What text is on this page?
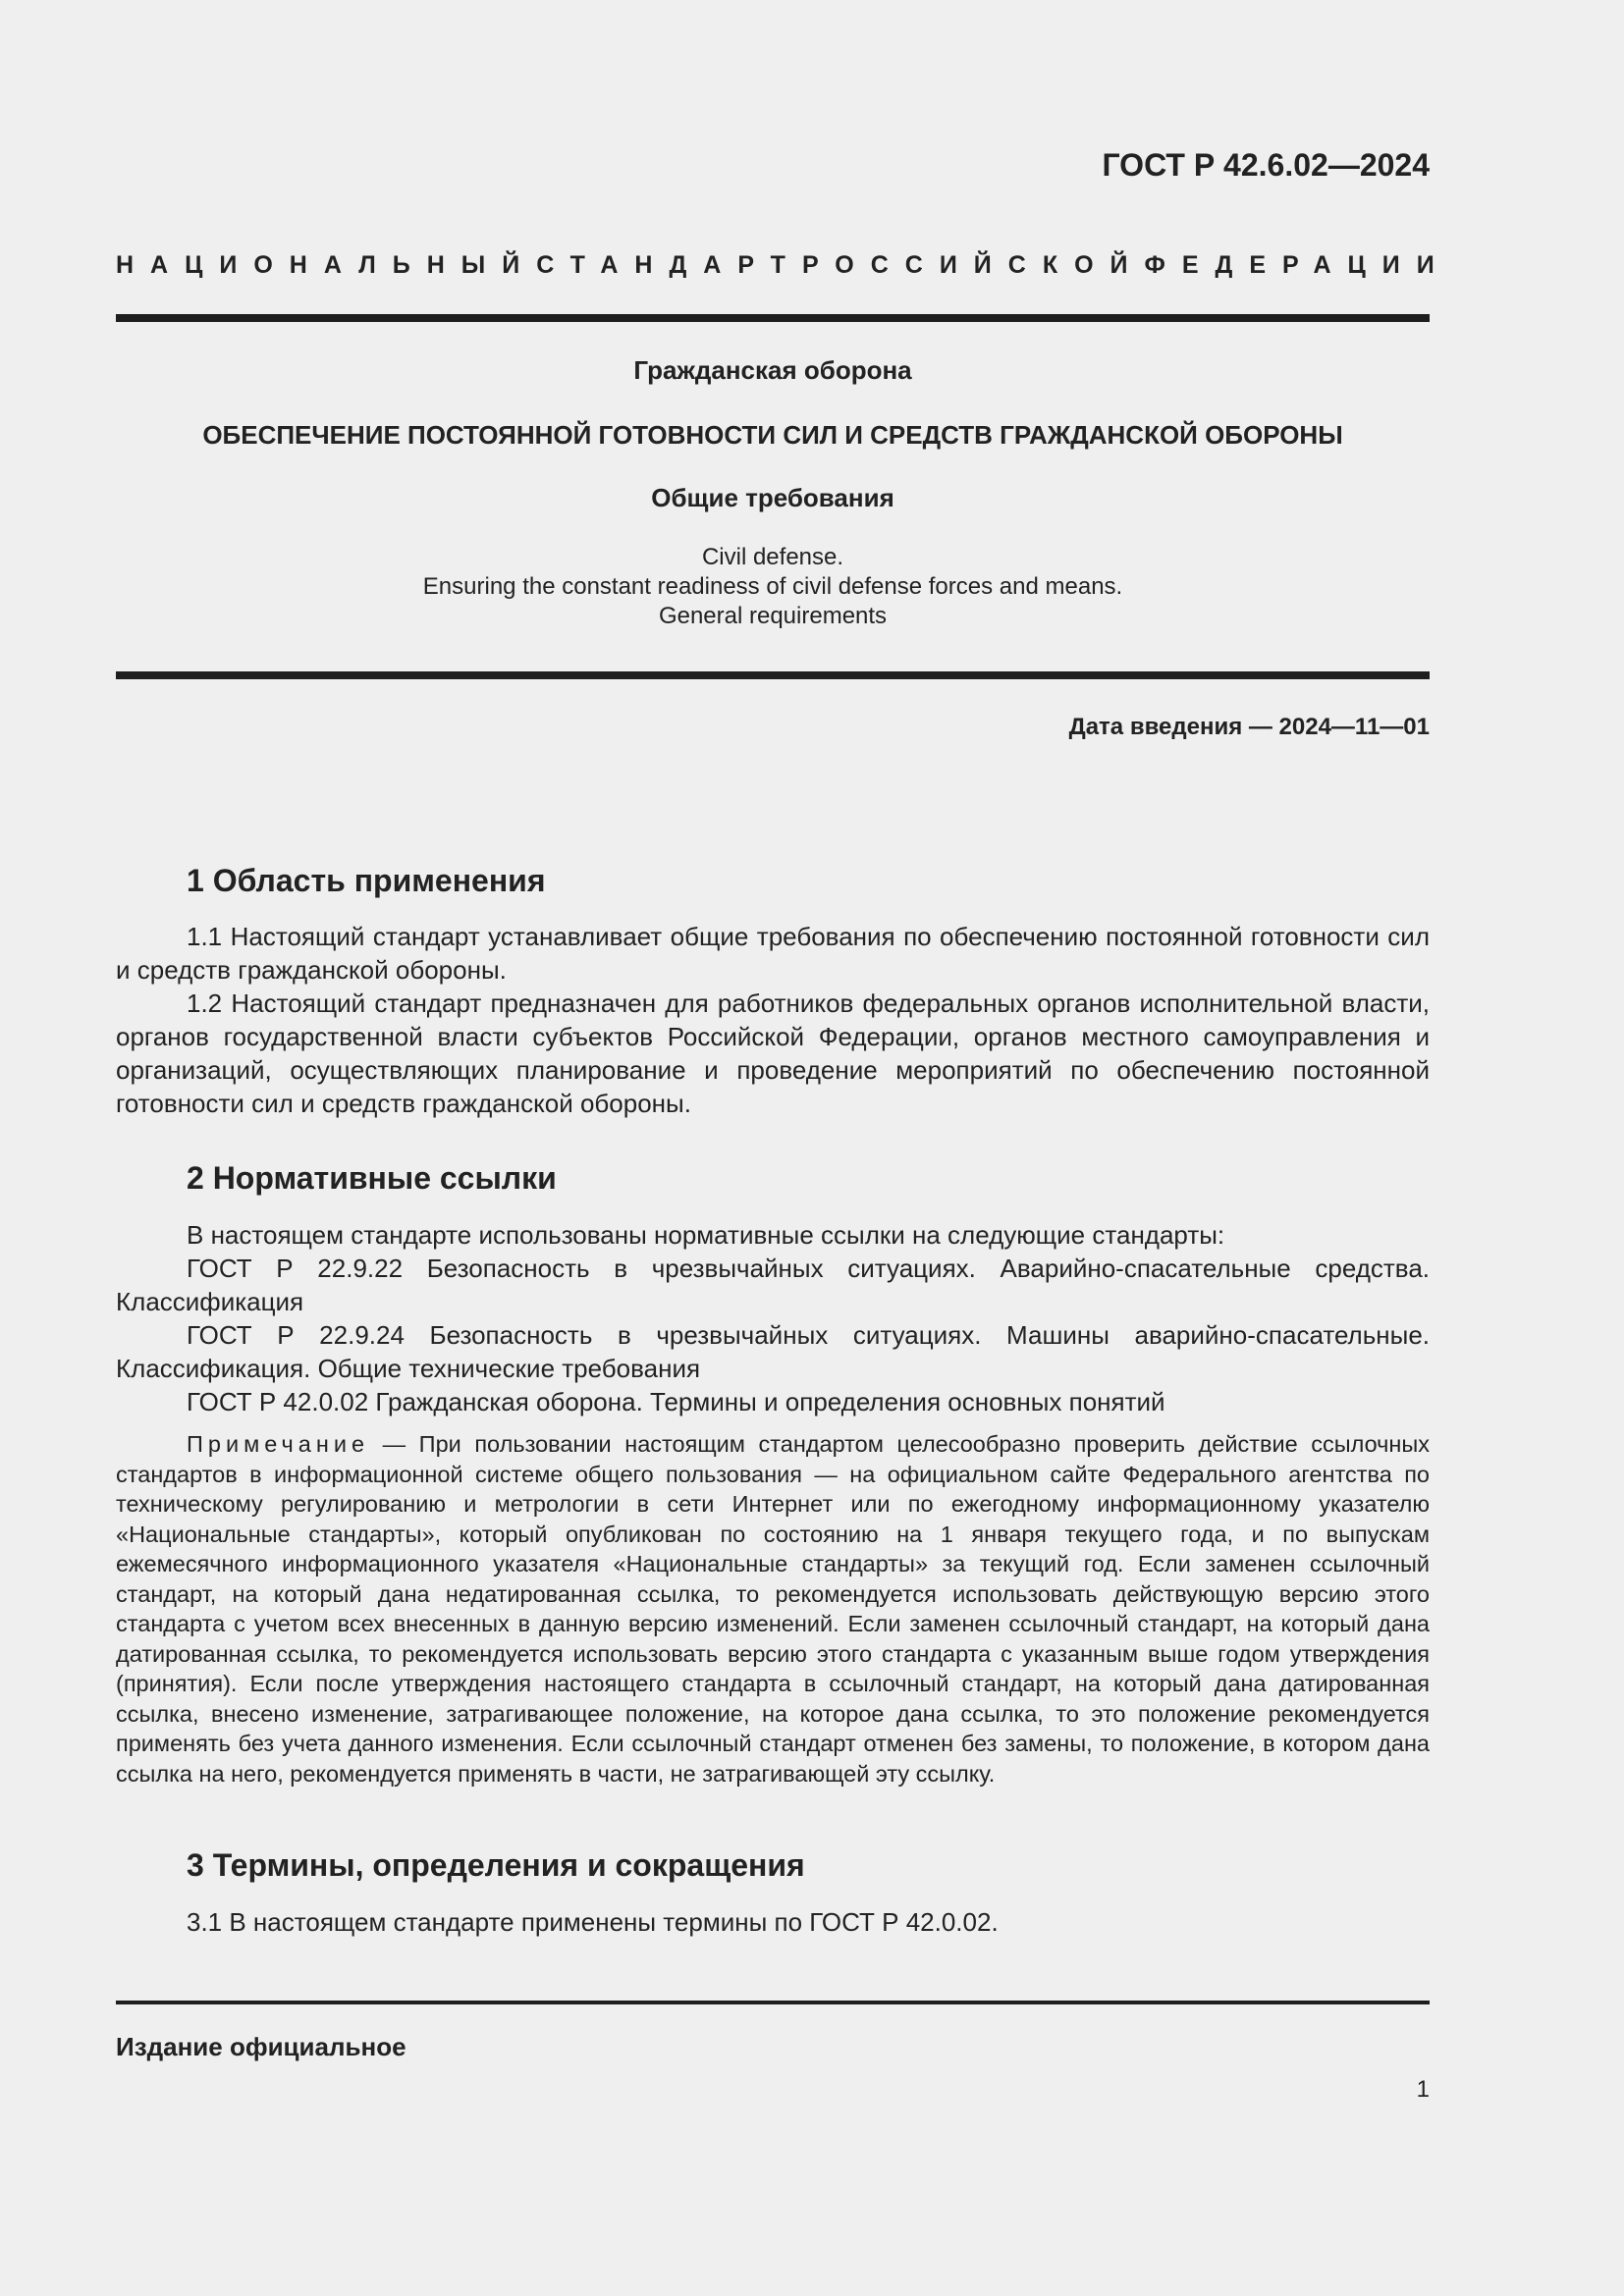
ГОСТ Р 42.6.02—2024

НАЦИОНАЛЬНЫЙ СТАНДАРТ РОССИЙСКОЙ ФЕДЕРАЦИИ

Гражданская оборона

ОБЕСПЕЧЕНИЕ ПОСТОЯННОЙ ГОТОВНОСТИ СИЛ И СРЕДСТВ ГРАЖДАНСКОЙ ОБОРОНЫ

Общие требования

Civil defense.
Ensuring the constant readiness of civil defense forces and means.
General requirements

Дата введения — 2024—11—01

1 Область применения

1.1 Настоящий стандарт устанавливает общие требования по обеспечению постоянной готовности сил и средств гражданской обороны.

1.2 Настоящий стандарт предназначен для работников федеральных органов исполнительной власти, органов государственной власти субъектов Российской Федерации, органов местного самоуправления и организаций, осуществляющих планирование и проведение мероприятий по обеспечению постоянной готовности сил и средств гражданской обороны.

2 Нормативные ссылки

В настоящем стандарте использованы нормативные ссылки на следующие стандарты:

ГОСТ Р 22.9.22 Безопасность в чрезвычайных ситуациях. Аварийно-спасательные средства. Классификация

ГОСТ Р 22.9.24 Безопасность в чрезвычайных ситуациях. Машины аварийно-спасательные. Классификация. Общие технические требования

ГОСТ Р 42.0.02 Гражданская оборона. Термины и определения основных понятий

Примечание — При пользовании настоящим стандартом целесообразно проверить действие ссылочных стандартов в информационной системе общего пользования — на официальном сайте Федерального агентства по техническому регулированию и метрологии в сети Интернет или по ежегодному информационному указателю «Национальные стандарты», который опубликован по состоянию на 1 января текущего года, и по выпускам ежемесячного информационного указателя «Национальные стандарты» за текущий год. Если заменен ссылочный стандарт, на который дана недатированная ссылка, то рекомендуется использовать действующую версию этого стандарта с учетом всех внесенных в данную версию изменений. Если заменен ссылочный стандарт, на который дана датированная ссылка, то рекомендуется использовать версию этого стандарта с указанным выше годом утверждения (принятия). Если после утверждения настоящего стандарта в ссылочный стандарт, на который дана датированная ссылка, внесено изменение, затрагивающее положение, на которое дана ссылка, то это положение рекомендуется применять без учета данного изменения. Если ссылочный стандарт отменен без замены, то положение, в котором дана ссылка на него, рекомендуется применять в части, не затрагивающей эту ссылку.

3 Термины, определения и сокращения

3.1 В настоящем стандарте применены термины по ГОСТ Р 42.0.02.

Издание официальное

1
